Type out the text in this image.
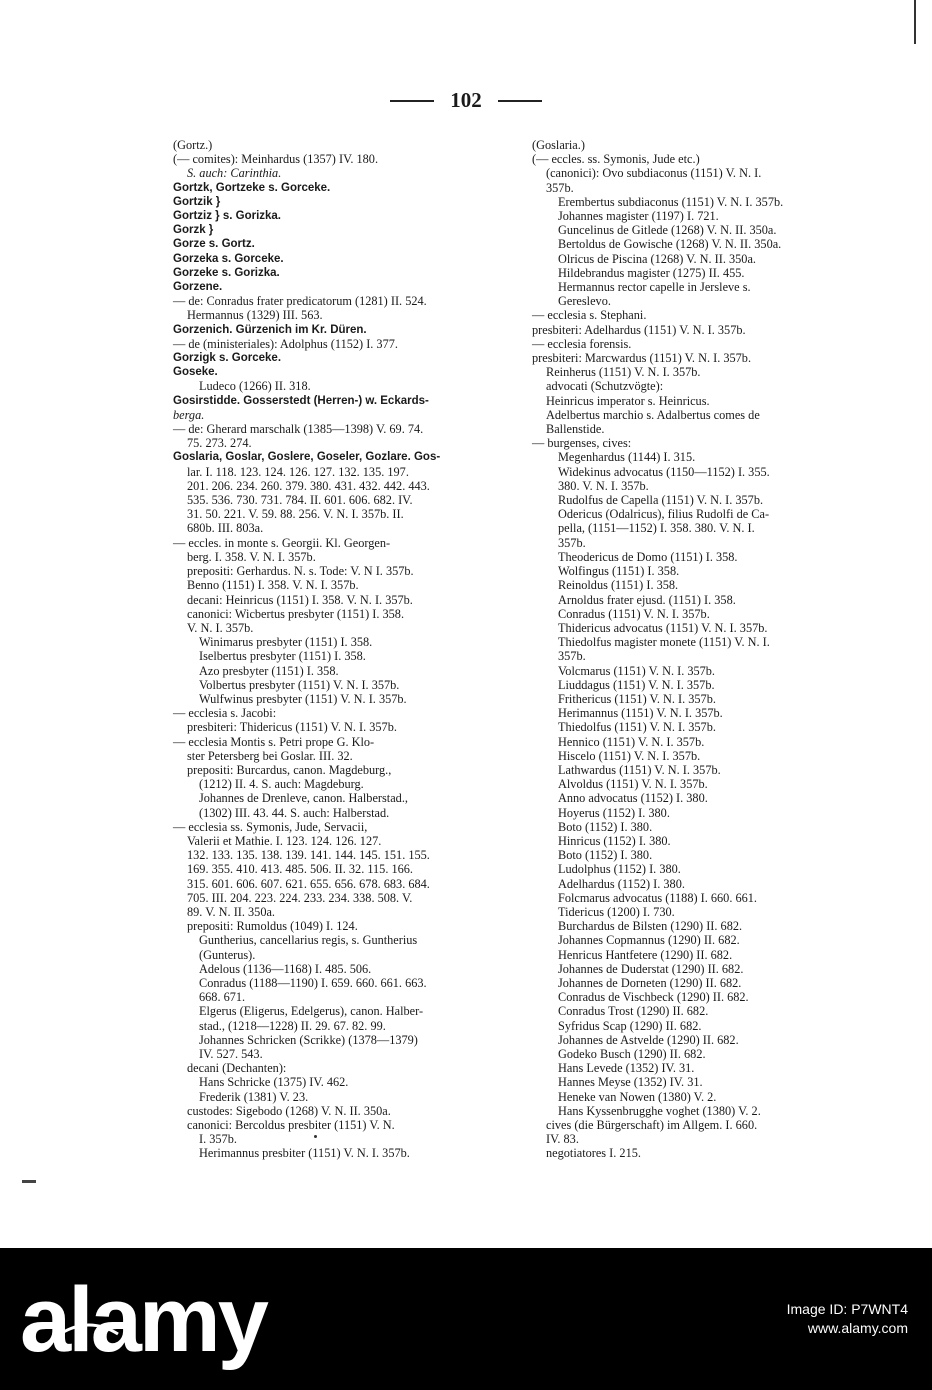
102
(Gortz.)
(— comites): Meinhardus (1357) IV. 180.
S. auch: Carinthia.
Gortzk, Gortzeke s. Gorceke.
Gortzik }
Gortziz } s. Gorizka.
Gorzk }
Gorze s. Gortz.
Gorzeka s. Gorceke.
Gorzeke s. Gorizka.
Gorzene.
— de: Conradus frater predicatorum (1281) II. 524.
Hermannus (1329) III. 563.
Gorzenich. Gürzenich im Kr. Düren.
— de (ministeriales): Adolphus (1152) I. 377.
Gorzigk s. Gorceke.
Goseke.
Ludeco (1266) II. 318.
Gosirstidde. Gosserstedt (Herren-) w. Eckards-
berga.
— de: Gherard marschalk (1385—1398) V. 69. 74.
75. 273. 274.
Goslaria, Goslar, Goslere, Goseler, Gozlare. Gos-
lar. I. 118. 123. 124. 126. 127. 132. 135. 197.
201. 206. 234. 260. 379. 380. 431. 432. 442. 443.
535. 536. 730. 731. 784. II. 601. 606. 682. IV.
31. 50. 221. V. 59. 88. 256. V. N. I. 357b. II.
680b. III. 803a.
— eccles. in monte s. Georgii. Kl. Georgen-
berg. I. 358. V. N. I. 357b.
prepositi: Gerhardus. N. s. Tode: V. N I. 357b.
Benno (1151) I. 358. V. N. I. 357b.
decani: Heinricus (1151) I. 358. V. N. I. 357b.
canonici: Wicbertus presbyter (1151) I. 358.
V. N. I. 357b.
Winimarus presbyter (1151) I. 358.
Iselbertus presbyter (1151) I. 358.
Azo presbyter (1151) I. 358.
Volbertus presbyter (1151) V. N. I. 357b.
Wulfwinus presbyter (1151) V. N. I. 357b.
— ecclesia s. Jacobi:
presbiteri: Thidericus (1151) V. N. I. 357b.
— ecclesia Montis s. Petri prope G. Klo-
ster Petersberg bei Goslar. III. 32.
prepositi: Burcardus, canon. Magdeburg.,
(1212) II. 4. S. auch: Magdeburg.
Johannes de Drenleve, canon. Halberstad.,
(1302) III. 43. 44. S. auch: Halberstad.
— ecclesia ss. Symonis, Jude, Servacii,
Valerii et Mathie. I. 123. 124. 126. 127.
132. 133. 135. 138. 139. 141. 144. 145. 151. 155.
169. 355. 410. 413. 485. 506. II. 32. 115. 166.
315. 601. 606. 607. 621. 655. 656. 678. 683. 684.
705. III. 204. 223. 224. 233. 234. 338. 508. V.
89. V. N. II. 350a.
prepositi: Rumoldus (1049) I. 124.
Guntherius, cancellarius regis, s. Guntherius
(Gunterus).
Adelous (1136—1168) I. 485. 506.
Conradus (1188—1190) I. 659. 660. 661. 663.
668. 671.
Elgerus (Eligerus, Edelgerus), canon. Halber-
stad., (1218—1228) II. 29. 67. 82. 99.
Johannes Schricken (Scrikke) (1378—1379)
IV. 527. 543.
decani (Dechanten):
Hans Schricke (1375) IV. 462.
Frederik (1381) V. 23.
custodes: Sigebodo (1268) V. N. II. 350a.
canonici: Bercoldus presbiter (1151) V. N.
I. 357b.
Herimannus presbiter (1151) V. N. I. 357b.
(Goslaria.)
(— eccles. ss. Symonis, Jude etc.)
(canonici): Ovo subdiaconus (1151) V. N. I.
357b.
Erembertus subdiaconus (1151) V. N. I. 357b.
Johannes magister (1197) I. 721.
Guncelinus de Gitlede (1268) V. N. II. 350a.
Bertoldus de Gowische (1268) V. N. II. 350a.
Olricus de Piscina (1268) V. N. II. 350a.
Hildebrandus magister (1275) II. 455.
Hermannus rector capelle in Jersleve s.
Gereslevo.
— ecclesia s. Stephani.
presbiteri: Adelhardus (1151) V. N. I. 357b.
— ecclesia forensis.
presbiteri: Marcwardus (1151) V. N. I. 357b.
Reinherus (1151) V. N. I. 357b.
advocati (Schutzvögte):
Heinricus imperator s. Heinricus.
Adelbertus marchio s. Adalbertus comes de
Ballenstide.
— burgenses, cives:
Megenhardus (1144) I. 315.
Widekinus advocatus (1150—1152) I. 355.
380. V. N. I. 357b.
Rudolfus de Capella (1151) V. N. I. 357b.
Odericus (Odalricus), filius Rudolfi de Ca-
pella, (1151—1152) I. 358. 380. V. N. I.
357b.
Theodericus de Domo (1151) I. 358.
Wolfingus (1151) I. 358.
Reinoldus (1151) I. 358.
Arnoldus frater ejusd. (1151) I. 358.
Conradus (1151) V. N. I. 357b.
Thidericus advocatus (1151) V. N. I. 357b.
Thiedolfus magister monete (1151) V. N. I.
357b.
Volcmarus (1151) V. N. I. 357b.
Liuddagus (1151) V. N. I. 357b.
Frithericus (1151) V. N. I. 357b.
Herimannus (1151) V. N. I. 357b.
Thiedolfus (1151) V. N. I. 357b.
Hennico (1151) V. N. I. 357b.
Hiscelo (1151) V. N. I. 357b.
Lathwardus (1151) V. N. I. 357b.
Alvoldus (1151) V. N. I. 357b.
Anno advocatus (1152) I. 380.
Hoyerus (1152) I. 380.
Boto (1152) I. 380.
Hinricus (1152) I. 380.
Boto (1152) I. 380.
Ludolphus (1152) I. 380.
Adelhardus (1152) I. 380.
Folcmarus advocatus (1188) I. 660. 661.
Tidericus (1200) I. 730.
Burchardus de Bilsten (1290) II. 682.
Johannes Copmannus (1290) II. 682.
Henricus Hantfetere (1290) II. 682.
Johannes de Duderstat (1290) II. 682.
Johannes de Dorneten (1290) II. 682.
Conradus de Vischbeck (1290) II. 682.
Conradus Trost (1290) II. 682.
Syfridus Scap (1290) II. 682.
Johannes de Astvelde (1290) II. 682.
Godeko Busch (1290) II. 682.
Hans Levede (1352) IV. 31.
Hannes Meyse (1352) IV. 31.
Heneke van Nowen (1380) V. 2.
Hans Kyssenbrugghe voghet (1380) V. 2.
cives (die Bürgerschaft) im Allgem. I. 660.
IV. 83.
negotiatores I. 215.
alamy	Image ID: P7WNT4
www.alamy.com
